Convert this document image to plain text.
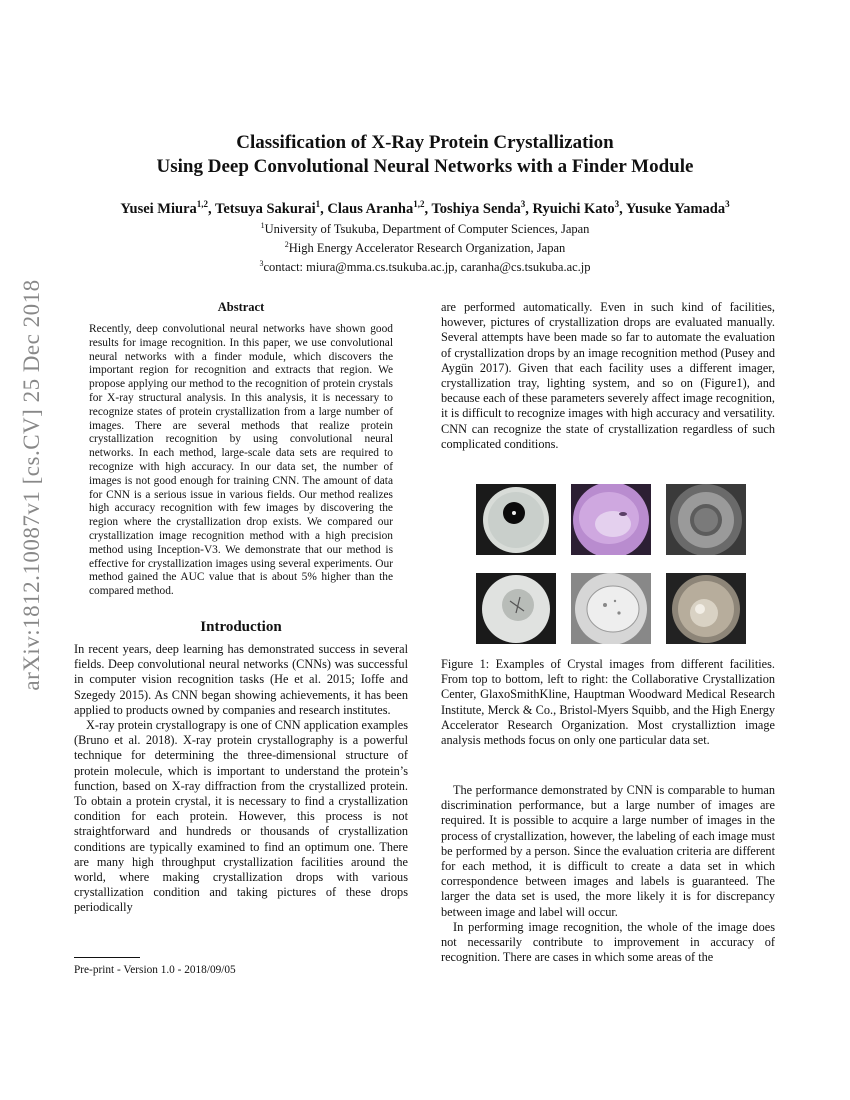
arXiv:1812.10087v1 [cs.CV] 25 Dec 2018
Classification of X-Ray Protein Crystallization
Using Deep Convolutional Neural Networks with a Finder Module
Yusei Miura$^{1,2}$, Tetsuya Sakurai$^1$, Claus Aranha$^{1,2}$, Toshiya Senda$^3$, Ryuichi Kato$^3$, Yusuke Yamada$^3$
$^1$University of Tsukuba, Department of Computer Sciences, Japan
$^2$High Energy Accelerator Research Organization, Japan
$^3$contact: miura@mma.cs.tsukuba.ac.jp, caranha@cs.tsukuba.ac.jp
Abstract

Recently, deep convolutional neural networks have shown good results for image recognition. In this paper, we use convolutional neural networks with a finder module, which discovers the important region for recognition and extracts that region. We propose applying our method to the recognition of protein crystals for X-ray structural analysis. In this analysis, it is necessary to recognize states of protein crystallization from a large number of images. There are several methods that realize protein crystallization recognition by using convolutional neural networks. In each method, large-scale data sets are required to recognize with high accuracy. In our data set, the number of images is not good enough for training CNN. The amount of data for CNN is a serious issue in various fields. Our method realizes high accuracy recognition with few images by discovering the region where the crystallization drop exists. We compared our crystallization image recognition method with a high precision method using Inception-V3. We demonstrate that our method is effective for crystallization images using several experiments. Our method gained the AUC value that is about 5% higher than the compared method.

Introduction

In recent years, deep learning has demonstrated success in several fields. Deep convolutional neural networks (CNNs) was successful in computer vision recognition tasks (He et al. 2015; Ioffe and Szegedy 2015). As CNN began showing achievements, it has been applied to products owned by companies and research institutes.

X-ray protein crystallograpy is one of CNN application examples (Bruno et al. 2018). X-ray protein crystallography is a powerful technique for determining the three-dimensional structure of protein molecule, which is important to understand the protein’s function, based on X-ray diffraction from the crystallized protein. To obtain a protein crystal, it is necessary to find a crystallization condition for each protein. However, this process is not straightforward and hundreds or thousands of crystallization conditions are typically examined to find an optimum one. There are many high throughput crystallization facilities around the world, where making crystallization drops with various crystallization condition and taking pictures of these drops periodically

Pre-print - Version 1.0 - 2018/09/05

are performed automatically. Even in such kind of facilities, however, pictures of crystallization drops are evaluated manually. Several attempts have been made so far to automate the evaluation of crystallization drops by an image recognition method (Pusey and Aygün 2017). Given that each facility uses a different imager, crystallization tray, lighting system, and so on (Figure1), and because each of these parameters severely affect image recognition, it is difficult to recognize images with high accuracy and versatility. CNN can recognize the state of crystallization regardless of such complicated conditions.

Figure 1: Examples of Crystal images from different facilities. From top to bottom, left to right: the Collaborative Crystallization Center, GlaxoSmithKline, Hauptman Woodward Medical Research Institute, Merck & Co., Bristol-Myers Squibb, and the High Energy Accelerator Research Organization. Most crystalliztion image analysis methods focus on only one particular data set.

The performance demonstrated by CNN is comparable to human discrimination performance, but a large number of images are required. It is possible to acquire a large number of images in the process of crystallization, however, the labeling of each image must be performed by a person. Since the evaluation criteria are different for each method, it is difficult to create a data set in which correspondence between images and labels is guaranteed. The larger the data set is used, the more likely it is for discrepancy between image and label will occur.

In performing image recognition, the whole of the image does not necessarily contribute to improvement in accuracy of recognition. There are cases in which some areas of the
